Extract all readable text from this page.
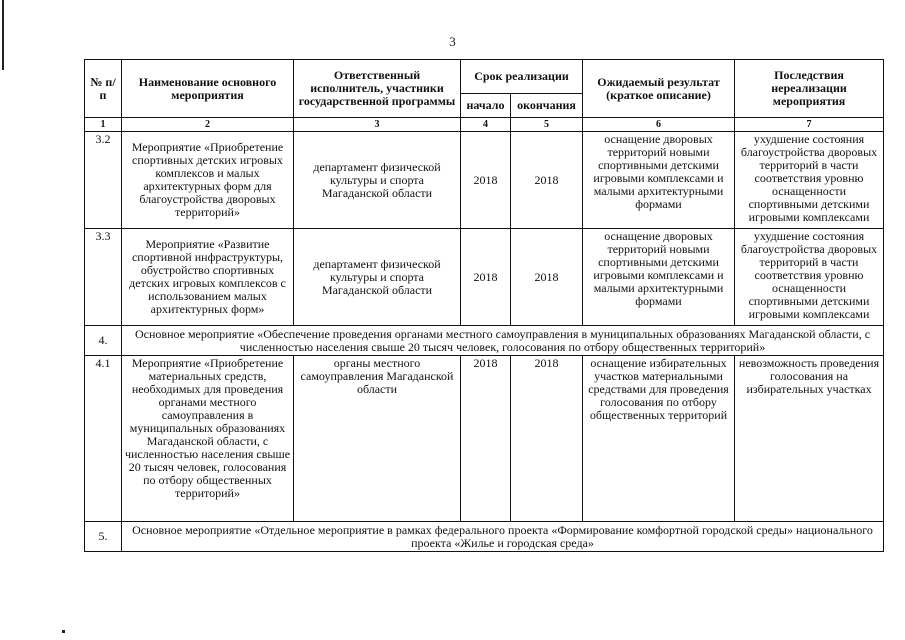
3
№ п/п	Наименование основного мероприятия	Ответственный исполнитель, участники государственной программы	Срок реализации		Ожидаемый результат (краткое описание)	Последствия нереализации мероприятия
			начало	окончания		
1	2	3	4	5	6	7
3.2	Мероприятие «Приобретение спортивных детских игровых комплексов и малых архитектурных форм для благоустройства дворовых территорий»	департамент физической культуры и спорта Магаданской области	2018	2018	оснащение дворовых территорий новыми спортивными детскими игровыми комплексами и малыми архитектурными формами	ухудшение состояния благоустройства дворовых территорий в части соответствия уровню оснащенности спортивными детскими игровыми комплексами
3.3	Мероприятие «Развитие спортивной инфраструктуры, обустройство спортивных детских игровых комплексов с использованием малых архитектурных форм»	департамент физической культуры и спорта Магаданской области	2018	2018	оснащение дворовых территорий новыми спортивными детскими игровыми комплексами и малыми архитектурными формами	ухудшение состояния благоустройства дворовых территорий в части соответствия уровню оснащенности спортивными детскими игровыми комплексами
4.	Основное мероприятие «Обеспечение проведения органами местного самоуправления в муниципальных образованиях Магаданской области, с численностью населения свыше 20 тысяч человек, голосования по отбору общественных территорий»					
4.1	Мероприятие «Приобретение материальных средств, необходимых для проведения органами местного самоуправления в муниципальных образованиях Магаданской области, с численностью населения свыше 20 тысяч человек, голосования по отбору общественных территорий»	органы местного самоуправления Магаданской области	2018	2018	оснащение избирательных участков материальными средствами для проведения голосования по отбору общественных территорий	невозможность проведения голосования на избирательных участках
5.	Основное мероприятие «Отдельное мероприятие в рамках федерального проекта «Формирование комфортной городской среды» национального проекта «Жилье и городская среда»					
